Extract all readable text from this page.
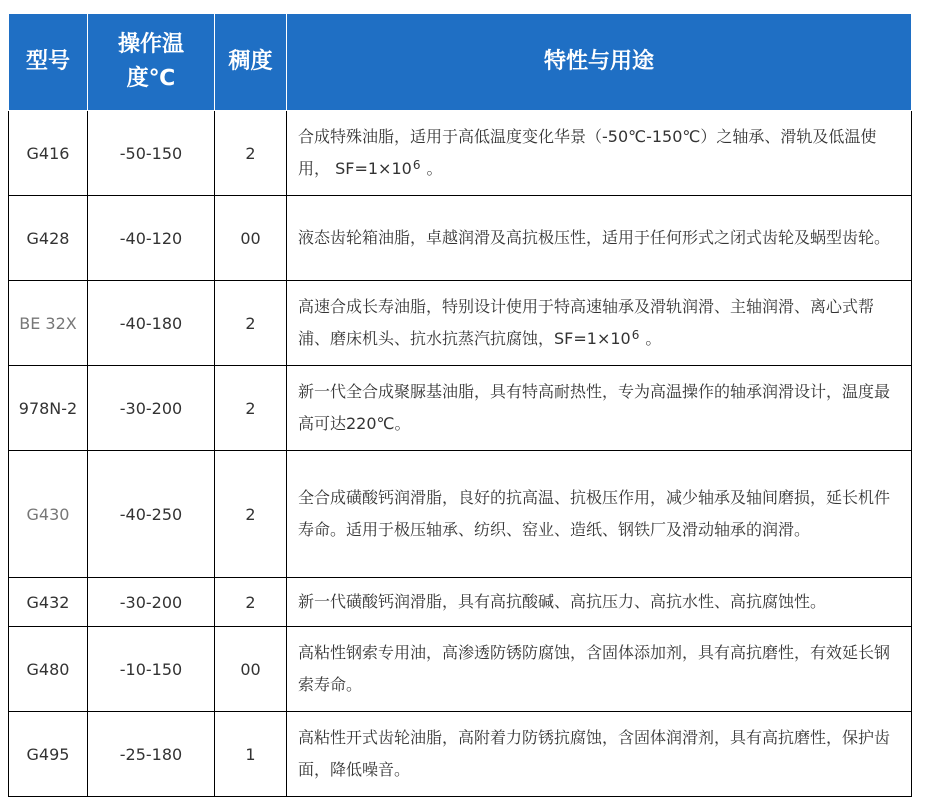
型号	操作温度℃	稠度	特性与用途
G416	-50-150	2	合成特殊油脂，适用于高低温度变化华景（-50℃-150℃）之轴承、滑轨及低温使用， $SF=1\times 10^6$ 。
G428	-40-120	00	液态齿轮箱油脂，卓越润滑及高抗极压性，适用于任何形式之闭式齿轮及蜗型齿轮。
BE 32X	-40-180	2	高速合成长寿油脂，特别设计使用于特高速轴承及滑轨润滑、主轴润滑、离心式帮浦、磨床机头、抗水抗蒸汽抗腐蚀，$SF=1\times 10^6$ 。
978N-2	-30-200	2	新一代全合成聚脲基油脂，具有特高耐热性，专为高温操作的轴承润滑设计，温度最高可达220℃。
G430	-40-250	2	全合成磺酸钙润滑脂，良好的抗高温、抗极压作用，减少轴承及轴间磨损，延长机件寿命。适用于极压轴承、纺织、窑业、造纸、钢铁厂及滑动轴承的润滑。
G432	-30-200	2	新一代磺酸钙润滑脂，具有高抗酸碱、高抗压力、高抗水性、高抗腐蚀性。
G480	-10-150	00	高粘性钢索专用油，高渗透防锈防腐蚀，含固体添加剂，具有高抗磨性，有效延长钢索寿命。
G495	-25-180	1	高粘性开式齿轮油脂，高附着力防锈抗腐蚀，含固体润滑剂，具有高抗磨性，保护齿面，降低噪音。
